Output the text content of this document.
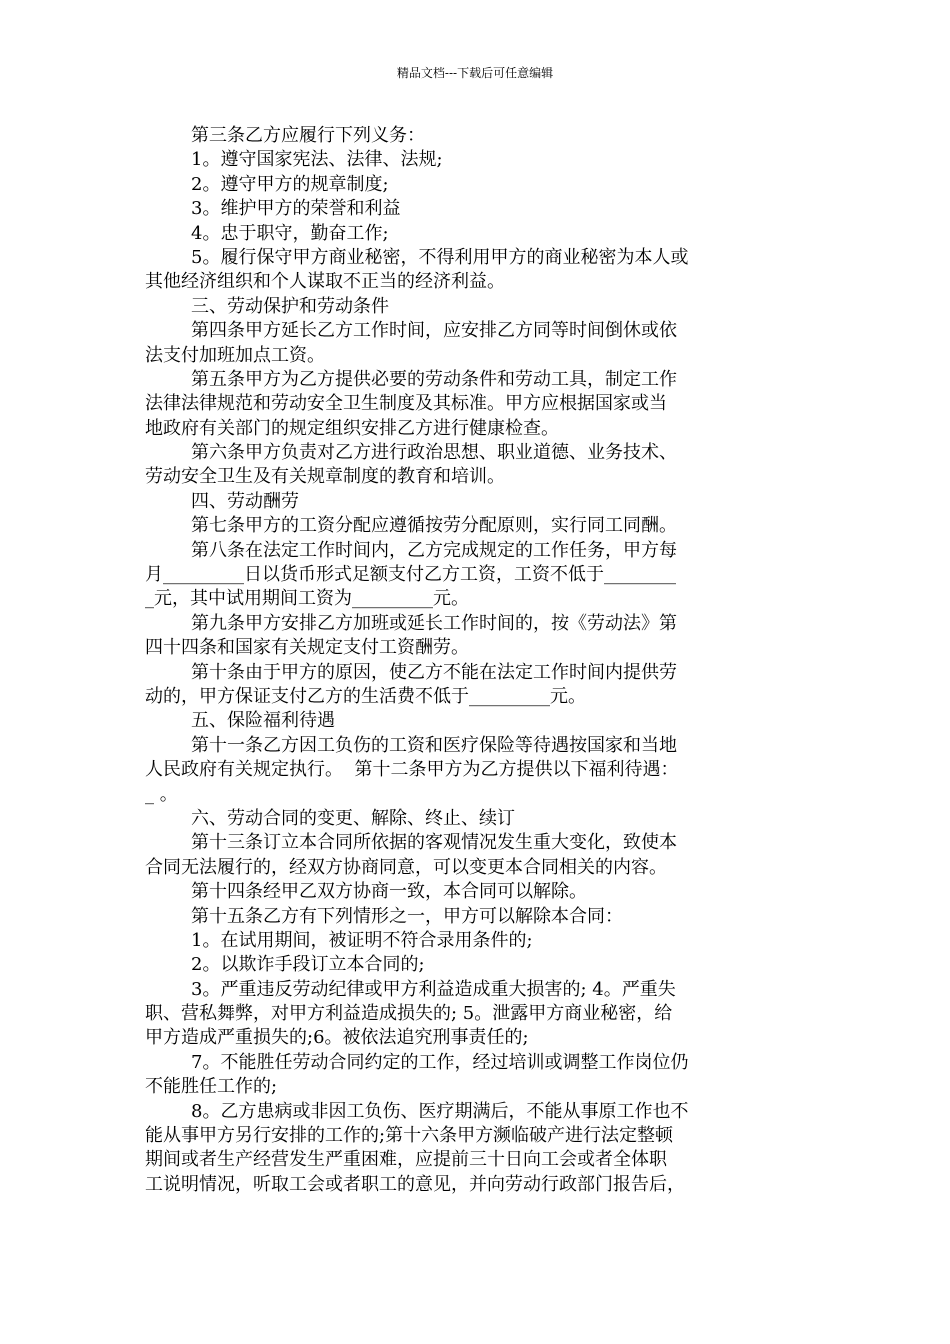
精品文档---下载后可任意编辑
第三条乙方应履行下列义务：
1。遵守国家宪法、法律、法规;
2。遵守甲方的规章制度;
3。维护甲方的荣誉和利益
4。忠于职守，勤奋工作;
5。履行保守甲方商业秘密，不得利用甲方的商业秘密为本人或
其他经济组织和个人谋取不正当的经济利益。
三、劳动保护和劳动条件
第四条甲方延长乙方工作时间，应安排乙方同等时间倒休或依
法支付加班加点工资。
第五条甲方为乙方提供必要的劳动条件和劳动工具，制定工作
法律法律规范和劳动安全卫生制度及其标准。甲方应根据国家或当
地政府有关部门的规定组织安排乙方进行健康检查。
第六条甲方负责对乙方进行政治思想、职业道德、业务技术、
劳动安全卫生及有关规章制度的教育和培训。
四、劳动酬劳
第七条甲方的工资分配应遵循按劳分配原则，实行同工同酬。
第八条在法定工作时间内，乙方完成规定的工作任务，甲方每
月_________日以货币形式足额支付乙方工资，工资不低于________
_元，其中试用期间工资为_________元。
第九条甲方安排乙方加班或延长工作时间的，按《劳动法》第
四十四条和国家有关规定支付工资酬劳。
第十条由于甲方的原因，使乙方不能在法定工作时间内提供劳
动的，甲方保证支付乙方的生活费不低于_________元。
五、保险福利待遇
第十一条乙方因工负伤的工资和医疗保险等待遇按国家和当地
人民政府有关规定执行。  第十二条甲方为乙方提供以下福利待遇：
_ 。
六、劳动合同的变更、解除、终止、续订
第十三条订立本合同所依据的客观情况发生重大变化，致使本
合同无法履行的，经双方协商同意，可以变更本合同相关的内容。
第十四条经甲乙双方协商一致，本合同可以解除。
第十五条乙方有下列情形之一，甲方可以解除本合同：
1。在试用期间，被证明不符合录用条件的;
2。以欺诈手段订立本合同的;
3。严重违反劳动纪律或甲方利益造成重大损害的; 4。严重失
职、营私舞弊，对甲方利益造成损失的; 5。泄露甲方商业秘密，给
甲方造成严重损失的;6。被依法追究刑事责任的;
7。不能胜任劳动合同约定的工作，经过培训或调整工作岗位仍
不能胜任工作的;
8。乙方患病或非因工负伤、医疗期满后，不能从事原工作也不
能从事甲方另行安排的工作的;第十六条甲方濒临破产进行法定整顿
期间或者生产经营发生严重困难，应提前三十日向工会或者全体职
工说明情况，听取工会或者职工的意见，并向劳动行政部门报告后，
